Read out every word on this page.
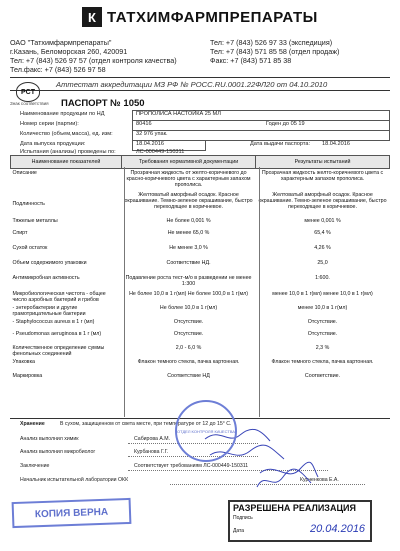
К ТАТХИМФАРМПРЕПАРАТЫ
ОАО "Татхимфармпрепараты"
г.Казань, Беломорская 260, 420091
Тел: +7 (843) 526 97 57 (отдел контроля качества)
Тел.факс: +7 (843) 526 97 58
Тел: +7 (843) 526 97 33 (экспедиция)
Тел: +7 (843) 571 85 58 (отдел продаж)
Факс: +7 (843) 571 85 38
Аттестат аккредитации МЗ РФ № РОСС.RU.0001.22ФЛ20 от 04.10.2010
PCT
Знак соответствия ПАСПОРТ № 1050
Наименование продукции по НД	ПРОПОЛИСА НАСТОЙКА 25 МЛ
Номер серии (партии):	80416	Годен до 05 19
Количество (объем,масса), ед. изм:	32 976 упак.
Дата выпуска продукции:	18.04.2016	Дата выдачи паспорта: 18.04.2016
Испытания (анализы) проведены по:	ЛС-000449-150311
Наименование показателей	Требования нормативной документации	Результаты испытаний
Описание	Прозрачная жидкость от желто-коричневого до красно-коричневого цвета с характерным запахом прополиса.	Прозрачная жидкость желто-коричневого цвета с характерным запахом прополиса.
Подлинность	Желтоватый аморфный осадок. Красное окрашивание. Темно-зеленое окрашивание, быстро переходящее в коричневое.	Желтоватый аморфный осадок. Красное окрашивание. Темно-зеленое окрашивание, быстро переходящее в коричневое.
Тяжелые металлы	Не более 0,001 %	менее 0,001 %
Спирт	Не менее 65,0 %	65,4 %
Сухой остаток	Не менее 3,0 %	4,26 %
Объем содержимого упаковки	Соответствие НД.	25,0
Антимикробная активность	Подавление роста тест-м/о в разведении не менее 1:300	1:600.
Микробиологическая чистота - общее число аэробных бактерий и грибов	Не более 10,0 в 1 г(мл) Не более 100,0 в 1 г(мл)	менее 10,0 в 1 г(мл) менее 10,0 в 1 г(мл)
- энтеробактерии и другие грамотрицательные бактерии	Не более 10,0 в 1 г(мл)	менее 10,0 в 1 г(мл)
- Staphylococcus aureus в 1 г (мл)	Отсутствие.	Отсутствие.
- Pseudomonas aeruginosa в 1 г (мл)	Отсутствие.	Отсутствие.
Количественное определение суммы фенольных соединений	2,0 - 6,0 %	2,3 %
Упаковка	Флакон темного стекла, пачка картонная.	Флакон темного стекла, пачка картонная.
Маркировка	Соответствие НД	Соответствие.
Хранение	В сухом, защищенном от света месте, при температуре от 12 до 15° С.
Анализ выполнил химик	Сабирова А.М.
Анализ выполнил микробиолог	Курбанова Г.Г.
Заключение	Соответствует требованиям ЛС-000449-150311
Начальник испытательной лаборатории ОКК	Курченкова Е.А.
ОТДЕЛ КОНТРОЛЯ КАЧЕСТВА
КОПИЯ ВЕРНА	РАЗРЕШЕНА РЕАЛИЗАЦИЯ
Подпись
Дата	20.04.2016
